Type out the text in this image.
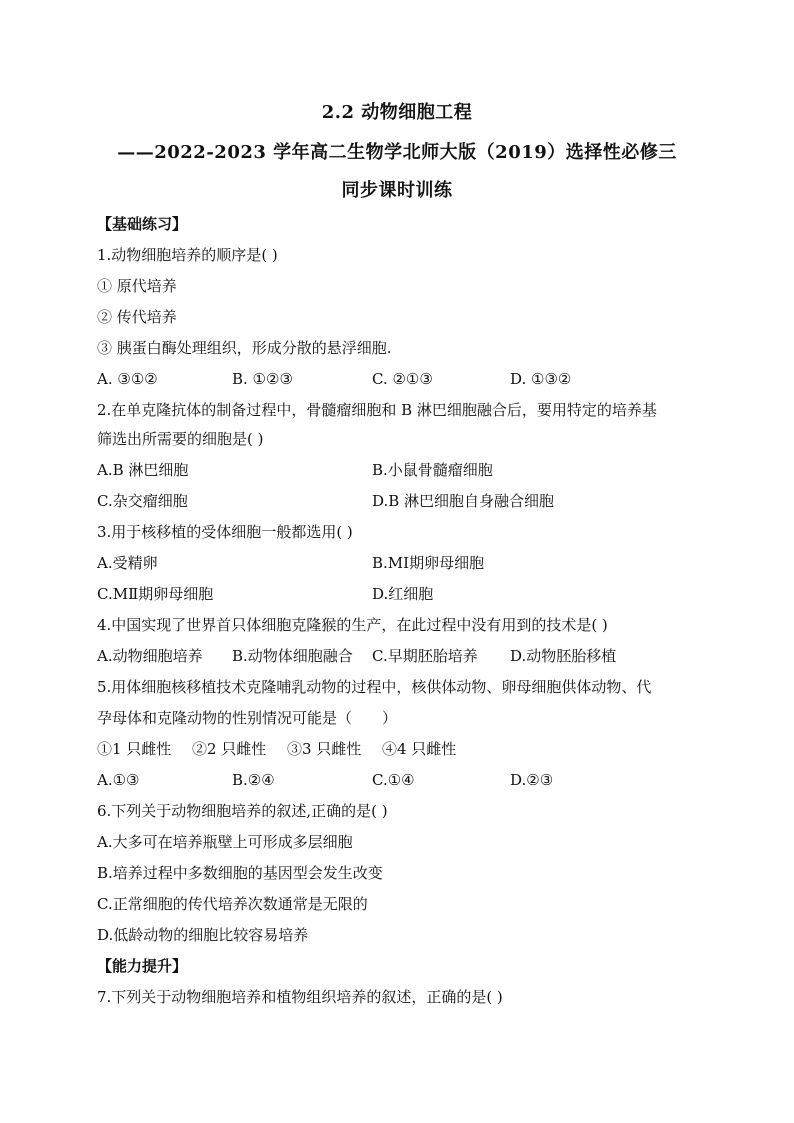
2.2 动物细胞工程
——2022-2023 学年高二生物学北师大版（2019）选择性必修三
同步课时训练
【基础练习】
1.动物细胞培养的顺序是( )
① 原代培养
② 传代培养
③ 胰蛋白酶处理组织，形成分散的悬浮细胞.
A. ③①②	B. ①②③	C. ②①③	D. ①③②
2.在单克隆抗体的制备过程中，骨髓瘤细胞和 B 淋巴细胞融合后，要用特定的培养基
筛选出所需要的细胞是( )
A.B 淋巴细胞	B.小鼠骨髓瘤细胞
C.杂交瘤细胞	D.B 淋巴细胞自身融合细胞
3.用于核移植的受体细胞一般都选用( )
A.受精卵	B.MⅠ期卵母细胞
C.MⅡ期卵母细胞	D.红细胞
4.中国实现了世界首只体细胞克隆猴的生产，在此过程中没有用到的技术是( )
A.动物细胞培养 B.动物体细胞融合 C.早期胚胎培养 D.动物胚胎移植
5.用体细胞核移植技术克隆哺乳动物的过程中，核供体动物、卵母细胞供体动物、代
孕母体和克隆动物的性别情况可能是（　　）
①1 只雌性 ②2 只雌性 ③3 只雌性 ④4 只雌性
A.①③	B.②④	C.①④	D.②③
6.下列关于动物细胞培养的叙述,正确的是( )
A.大多可在培养瓶壁上可形成多层细胞
B.培养过程中多数细胞的基因型会发生改变
C.正常细胞的传代培养次数通常是无限的
D.低龄动物的细胞比较容易培养
【能力提升】
7.下列关于动物细胞培养和植物组织培养的叙述，正确的是( )
